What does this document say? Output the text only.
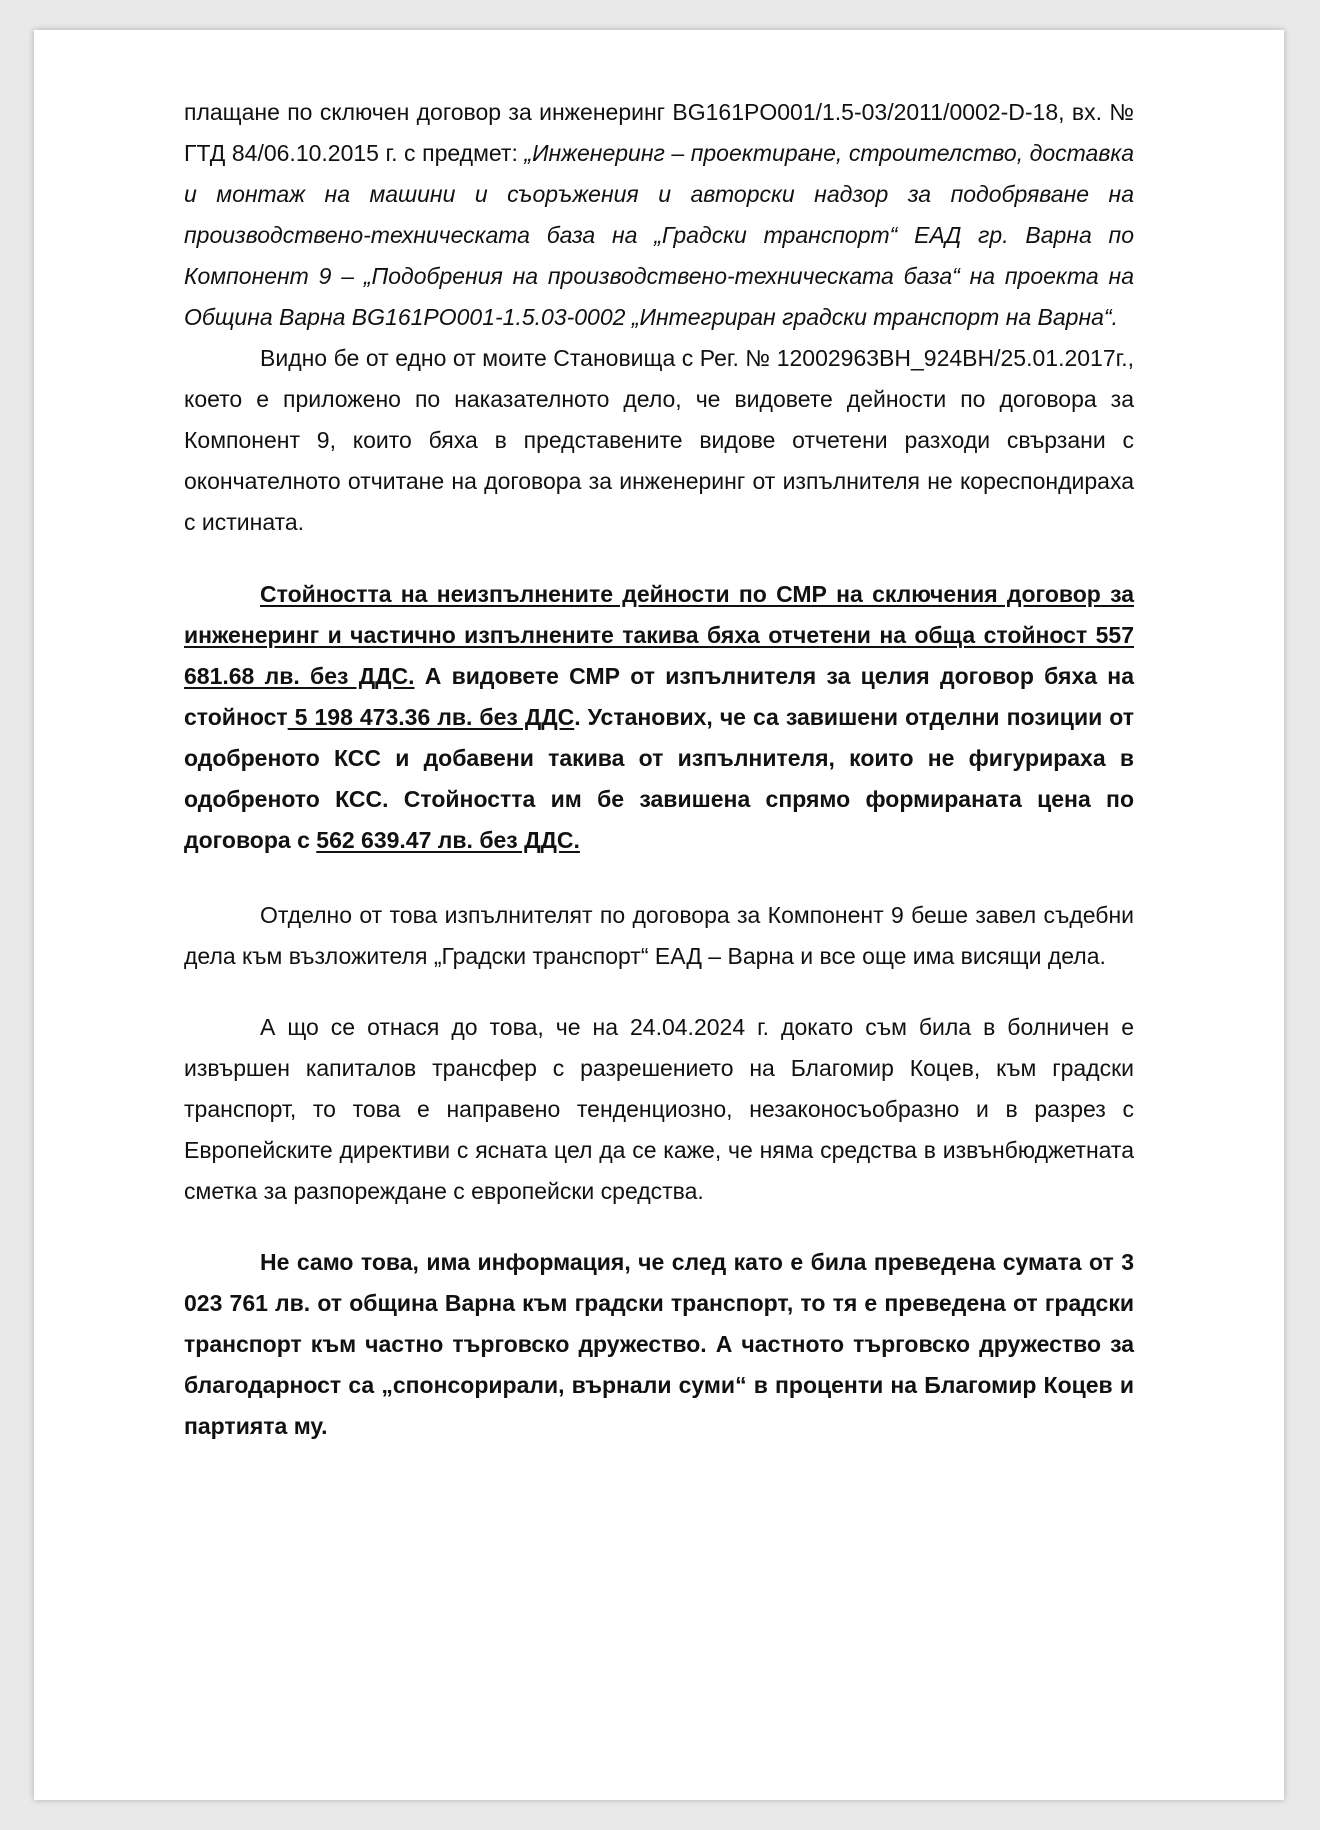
плащане по сключен договор за инженеринг BG161PO001/1.5-03/2011/0002-D-18, вх. № ГТД 84/06.10.2015 г. с предмет: „Инженеринг – проектиране, строителство, доставка и монтаж на машини и съоръжения и авторски надзор за подобряване на производствено-техническата база на „Градски транспорт“ ЕАД гр. Варна по Компонент 9 – „Подобрения на производствено-техническата база“ на проекта на Община Варна BG161PO001-1.5.03-0002 „Интегриран градски транспорт на Варна“.

Видно бе от едно от моите Становища с Рег. № 12002963ВН_924ВН/25.01.2017г., което е приложено по наказателното дело, че видовете дейности по договора за Компонент 9, които бяха в представените видове отчетени разходи свързани с окончателното отчитане на договора за инженеринг от изпълнителя не кореспондираха с истината.

Стойността на неизпълнените дейности по СМР на сключения договор за инженеринг и частично изпълнените такива бяха отчетени на обща стойност 557 681.68 лв. без ДДС. А видовете СМР от изпълнителя за целия договор бяха на стойност 5 198 473.36 лв. без ДДС. Установих, че са завишени отделни позиции от одобреното КСС и добавени такива от изпълнителя, които не фигурираха в одобреното КСС. Стойността им бе завишена спрямо формираната цена по договора с 562 639.47 лв. без ДДС.

Отделно от това изпълнителят по договора за Компонент 9 беше завел съдебни дела към възложителя „Градски транспорт“ ЕАД – Варна и все още има висящи дела.

А що се отнася до това, че на 24.04.2024 г. докато съм била в болничен е извършен капиталов трансфер с разрешението на Благомир Коцев, към градски транспорт, то това е направено тенденциозно, незаконосъобразно и в разрез с Европейските директиви с ясната цел да се каже, че няма средства в извънбюджетната сметка за разпореждане с европейски средства.

Не само това, има информация, че след като е била преведена сумата от 3 023 761 лв. от община Варна към градски транспорт, то тя е преведена от градски транспорт към частно търговско дружество. А частното търговско дружество за благодарност са „спонсорирали, върнали суми“ в проценти на Благомир Коцев и партията му.
